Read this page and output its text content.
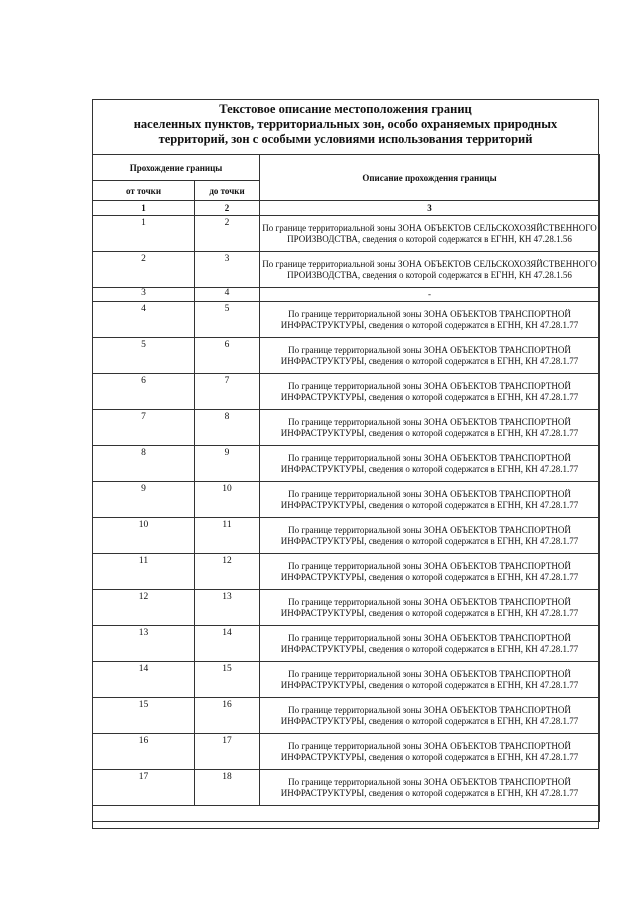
Текстовое описание местоположения границ
населенных пунктов, территориальных зон, особо охраняемых природных
территорий, зон с особыми условиями использования территорий
Прохождение границы		Описание прохождения границы
от точки	до точки	
1	2	3
1	2	По границе территориальной зоны ЗОНА ОБЪЕКТОВ СЕЛЬСКОХОЗЯЙСТВЕННОГО ПРОИЗВОДСТВА, сведения о которой содержатся в ЕГНН, КН 47.28.1.56
2	3	По границе территориальной зоны ЗОНА ОБЪЕКТОВ СЕЛЬСКОХОЗЯЙСТВЕННОГО ПРОИЗВОДСТВА, сведения о которой содержатся в ЕГНН, КН 47.28.1.56
3	4	-
4	5	По границе территориальной зоны ЗОНА ОБЪЕКТОВ ТРАНСПОРТНОЙ ИНФРАСТРУКТУРЫ, сведения о которой содержатся в ЕГНН, КН 47.28.1.77
5	6	По границе территориальной зоны ЗОНА ОБЪЕКТОВ ТРАНСПОРТНОЙ ИНФРАСТРУКТУРЫ, сведения о которой содержатся в ЕГНН, КН 47.28.1.77
6	7	По границе территориальной зоны ЗОНА ОБЪЕКТОВ ТРАНСПОРТНОЙ ИНФРАСТРУКТУРЫ, сведения о которой содержатся в ЕГНН, КН 47.28.1.77
7	8	По границе территориальной зоны ЗОНА ОБЪЕКТОВ ТРАНСПОРТНОЙ ИНФРАСТРУКТУРЫ, сведения о которой содержатся в ЕГНН, КН 47.28.1.77
8	9	По границе территориальной зоны ЗОНА ОБЪЕКТОВ ТРАНСПОРТНОЙ ИНФРАСТРУКТУРЫ, сведения о которой содержатся в ЕГНН, КН 47.28.1.77
9	10	По границе территориальной зоны ЗОНА ОБЪЕКТОВ ТРАНСПОРТНОЙ ИНФРАСТРУКТУРЫ, сведения о которой содержатся в ЕГНН, КН 47.28.1.77
10	11	По границе территориальной зоны ЗОНА ОБЪЕКТОВ ТРАНСПОРТНОЙ ИНФРАСТРУКТУРЫ, сведения о которой содержатся в ЕГНН, КН 47.28.1.77
11	12	По границе территориальной зоны ЗОНА ОБЪЕКТОВ ТРАНСПОРТНОЙ ИНФРАСТРУКТУРЫ, сведения о которой содержатся в ЕГНН, КН 47.28.1.77
12	13	По границе территориальной зоны ЗОНА ОБЪЕКТОВ ТРАНСПОРТНОЙ ИНФРАСТРУКТУРЫ, сведения о которой содержатся в ЕГНН, КН 47.28.1.77
13	14	По границе территориальной зоны ЗОНА ОБЪЕКТОВ ТРАНСПОРТНОЙ ИНФРАСТРУКТУРЫ, сведения о которой содержатся в ЕГНН, КН 47.28.1.77
14	15	По границе территориальной зоны ЗОНА ОБЪЕКТОВ ТРАНСПОРТНОЙ ИНФРАСТРУКТУРЫ, сведения о которой содержатся в ЕГНН, КН 47.28.1.77
15	16	По границе территориальной зоны ЗОНА ОБЪЕКТОВ ТРАНСПОРТНОЙ ИНФРАСТРУКТУРЫ, сведения о которой содержатся в ЕГНН, КН 47.28.1.77
16	17	По границе территориальной зоны ЗОНА ОБЪЕКТОВ ТРАНСПОРТНОЙ ИНФРАСТРУКТУРЫ, сведения о которой содержатся в ЕГНН, КН 47.28.1.77
17	18	По границе территориальной зоны ЗОНА ОБЪЕКТОВ ТРАНСПОРТНОЙ ИНФРАСТРУКТУРЫ, сведения о которой содержатся в ЕГНН, КН 47.28.1.77
